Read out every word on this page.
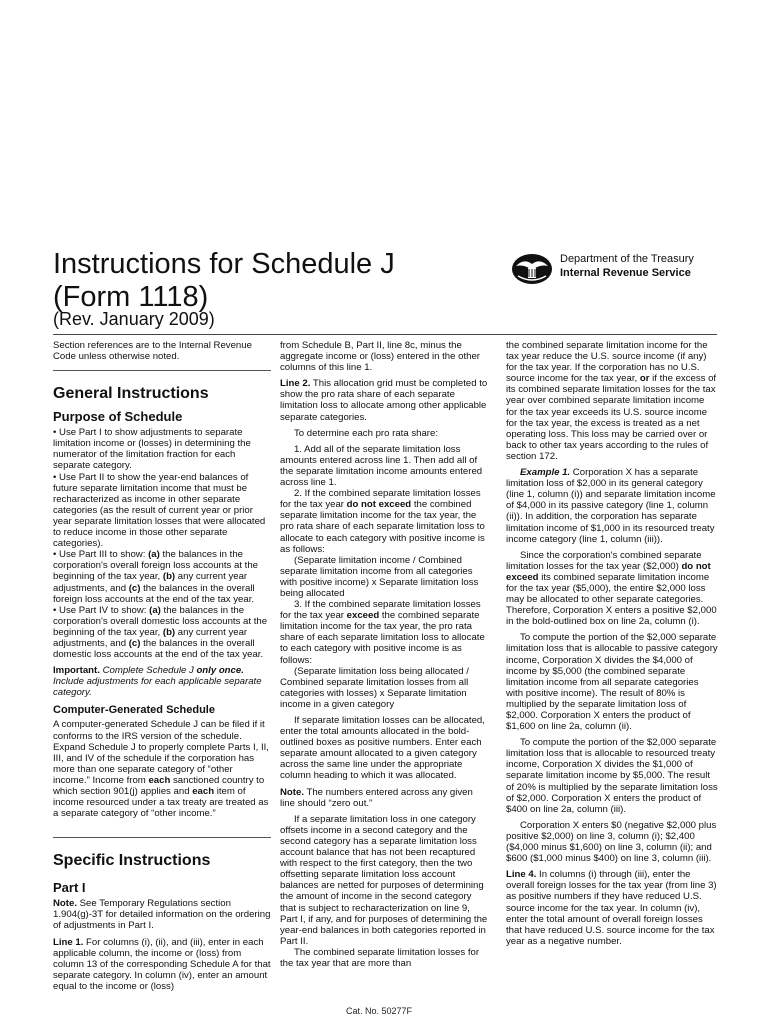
Instructions for Schedule J
(Form 1118)
Department of the Treasury
Internal Revenue Service
(Rev. January 2009)

Section references are to the Internal Revenue Code unless otherwise noted.

General Instructions
Purpose of Schedule

• Use Part I to show adjustments to separate limitation income or (losses) in determining the numerator of the limitation fraction for each separate category.

• Use Part II to show the year-end balances of future separate limitation income that must be recharacterized as income in other separate categories (as the result of current year or prior year separate limitation losses that were allocated to reduce income in those other separate categories).

• Use Part III to show: (a) the balances in the corporation's overall foreign loss accounts at the beginning of the tax year, (b) any current year adjustments, and (c) the balances in the overall foreign loss accounts at the end of the tax year.

• Use Part IV to show: (a) the balances in the corporation's overall domestic loss accounts at the beginning of the tax year, (b) any current year adjustments, and (c) the balances in the overall domestic loss accounts at the end of the tax year.

Important. Complete Schedule J only once. Include adjustments for each applicable separate category.

Computer-Generated Schedule

A computer-generated Schedule J can be filed if it conforms to the IRS version of the schedule. Expand Schedule J to properly complete Parts I, II, III, and IV of the schedule if the corporation has more than one separate category of “other income.” Income from each sanctioned country to which section 901(j) applies and each item of income resourced under a tax treaty are treated as a separate category of “other income.”

Specific Instructions
Part I

Note. See Temporary Regulations section 1.904(g)-3T for detailed information on the ordering of adjustments in Part I.

Line 1. For columns (i), (ii), and (iii), enter in each applicable column, the income or (loss) from column 13 of the corresponding Schedule A for that separate category. In column (iv), enter an amount equal to the income or (loss)

from Schedule B, Part II, line 8c, minus the aggregate income or (loss) entered in the other columns of this line 1.

Line 2. This allocation grid must be completed to show the pro rata share of each separate limitation loss to allocate among other applicable separate categories.

To determine each pro rata share:

1. Add all of the separate limitation loss amounts entered across line 1. Then add all of the separate limitation income amounts entered across line 1.

2. If the combined separate limitation losses for the tax year do not exceed the combined separate limitation income for the tax year, the pro rata share of each separate limitation loss to allocate to each category with positive income is as follows:

(Separate limitation income / Combined separate limitation income from all categories with positive income) x Separate limitation loss being allocated

3. If the combined separate limitation losses for the tax year exceed the combined separate limitation income for the tax year, the pro rata share of each separate limitation loss to allocate to each category with positive income is as follows:

(Separate limitation loss being allocated / Combined separate limitation losses from all categories with losses) x Separate limitation income in a given category

If separate limitation losses can be allocated, enter the total amounts allocated in the bold-outlined boxes as positive numbers. Enter each separate amount allocated to a given category across the same line under the appropriate column heading to which it was allocated.

Note. The numbers entered across any given line should “zero out.”

If a separate limitation loss in one category offsets income in a second category and the second category has a separate limitation loss account balance that has not been recaptured with respect to the first category, then the two offsetting separate limitation loss account balances are netted for purposes of determining the amount of income in the second category that is subject to recharacterization on line 9, Part I, if any, and for purposes of determining the year-end balances in both categories reported in Part II.

The combined separate limitation losses for the tax year that are more than

the combined separate limitation income for the tax year reduce the U.S. source income (if any) for the tax year. If the corporation has no U.S. source income for the tax year, or if the excess of its combined separate limitation losses for the tax year over combined separate limitation income for the tax year exceeds its U.S. source income for the tax year, the excess is treated as a net operating loss. This loss may be carried over or back to other tax years according to the rules of section 172.

Example 1. Corporation X has a separate limitation loss of $2,000 in its general category (line 1, column (i)) and separate limitation income of $4,000 in its passive category (line 1, column (ii)). In addition, the corporation has separate limitation income of $1,000 in its resourced treaty income category (line 1, column (iii)).

Since the corporation's combined separate limitation losses for the tax year ($2,000) do not exceed its combined separate limitation income for the tax year ($5,000), the entire $2,000 loss may be allocated to other separate categories. Therefore, Corporation X enters a positive $2,000 in the bold-outlined box on line 2a, column (i).

To compute the portion of the $2,000 separate limitation loss that is allocable to passive category income, Corporation X divides the $4,000 of income by $5,000 (the combined separate limitation income from all separate categories with positive income). The result of 80% is multiplied by the separate limitation loss of $2,000. Corporation X enters the product of $1,600 on line 2a, column (ii).

To compute the portion of the $2,000 separate limitation loss that is allocable to resourced treaty income, Corporation X divides the $1,000 of separate limitation income by $5,000. The result of 20% is multiplied by the separate limitation loss of $2,000. Corporation X enters the product of $400 on line 2a, column (iii).

Corporation X enters $0 (negative $2,000 plus positive $2,000) on line 3, column (i); $2,400 ($4,000 minus $1,600) on line 3, column (ii); and $600 ($1,000 minus $400) on line 3, column (iii).

Line 4. In columns (i) through (iii), enter the overall foreign losses for the tax year (from line 3) as positive numbers if they have reduced U.S. source income for the tax year. In column (iv), enter the total amount of overall foreign losses that have reduced U.S. source income for the tax year as a negative number.

Cat. No. 50277F
